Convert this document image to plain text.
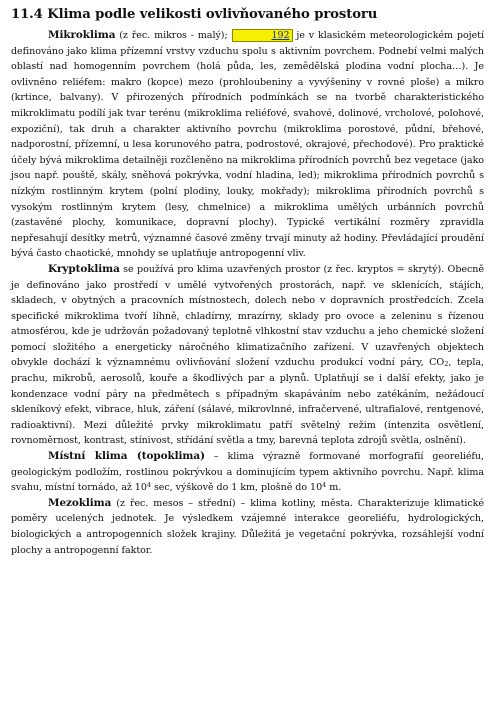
11.4 Klima podle velikosti ovlivňovaného prostoru

Mikroklima (z řec. mikros - malý);	192 je v klasickém meteorologickém pojetí definováno jako klima přízemní vrstvy vzduchu spolu s aktivním povrchem. Podnebí velmi malých oblastí nad homogenním povrchem (holá půda, les, zemědělská plodina vodní plocha…). Je ovlivněno reliéfem: makro (kopce) mezo (prohloubeniny a vyvýšeniny v rovné ploše) a mikro (krtince, balvany). V přirozených přírodních podmínkách se na tvorbě charakteristického mikroklimatu podílí jak tvar terénu (mikroklima reliéfové, svahové, dolinové, vrcholové, polohové, expoziční), tak druh a charakter aktivního povrchu (mikroklima porostové, půdní, břehové, nadporostní, přízemní, u lesa korunového patra, podrostové, okrajové, přechodové). Pro praktické účely bývá mikroklima detailněji rozčleněno na mikroklima přírodních povrchů bez vegetace (jako jsou např. pouště, skály, sněhová pokrývka, vodní hladina, led); mikroklima přírodních povrchů s nízkým rostlinným krytem (polní plodiny, louky, mokřady); mikroklima přírodních povrchů s vysokým rostlinným krytem (lesy, chmelnice) a mikroklima umělých urbánních povrchů (zastavěné plochy, komunikace, dopravní plochy). Typické vertikální rozměry zpravidla nepřesahují desítky metrů, významné časové změny trvají minuty až hodiny. Převládající proudění bývá často chaotické, mnohdy se uplatňuje antropogenní vliv.

Kryptoklima se používá pro klima uzavřených prostor (z řec. kryptos = skrytý). Obecně je definováno jako prostředí v umělé vytvořených prostorách, např. ve sklenících, stájích, skladech, v obytných a pracovních místnostech, dolech nebo v dopravních prostředcích. Zcela specifické mikroklima tvoří líhně, chladírny, mrazírny, sklady pro ovoce a zeleninu s řízenou atmosférou, kde je udržován požadovaný teplotně vlhkostní stav vzduchu a jeho chemické složení pomocí složitého a energeticky náročného klimatizačního zařízení. V uzavřených objektech obvykle dochází k významnému ovlivňování složení vzduchu produkcí vodní páry, $CO_2$, tepla, prachu, mikrobů, aerosolů, kouře a škodlivých par a plynů. Uplatňují se i další efekty, jako je kondenzace vodní páry na předmětech s případným skapáváním nebo zatékáním, nežádoucí skleníkový efekt, vibrace, hluk, záření (sálavé, mikrovlnné, infračervené, ultrafialové, rentgenové, radioaktivní). Mezi důležité prvky mikroklimatu patří světelný režim (intenzita osvětlení, rovnoměrnost, kontrast, stínivost, střídání světla a tmy, barevná teplota zdrojů světla, oslnění).

Místní klima (topoklima) – klima výrazně formované morfografií georeliéfu, geologickým podložím, rostlinou pokrývkou a dominujícím typem aktivního povrchu. Např. klima svahu, místní tornádo, až $10^4$ sec, výškově do 1 km, plošně do $10^4$ m.

Mezoklima (z řec. mesos – střední) – klima kotliny, města. Charakterizuje klimatické poměry ucelených jednotek. Je výsledkem vzájemné interakce georeliéfu, hydrologických, biologických a antropogenních složek krajiny. Důležitá je vegetační pokrývka, rozsáhlejší vodní plochy a antropogenní faktor.
